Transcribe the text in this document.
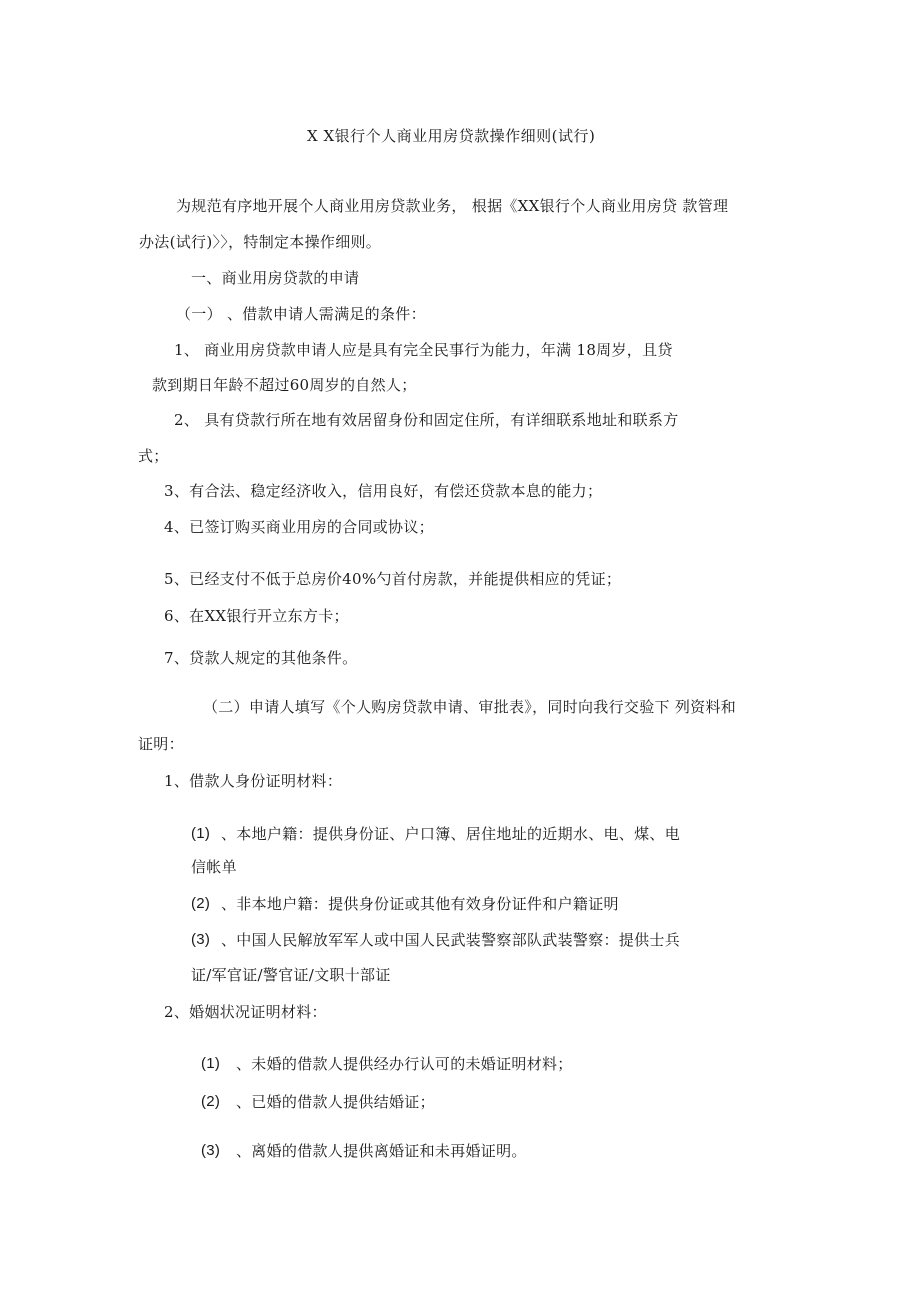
X X银行个人商业用房贷款操作细则(试行)
为规范有序地开展个人商业用房贷款业务， 根据《XX银行个人商业用房贷 款管理
办法(试行)〉〉，特制定本操作细则。
一、商业用房贷款的申请
（一） 、借款申请人需满足的条件：
1、 商业用房贷款申请人应是具有完全民事行为能力，年满 18周岁，且贷
款到期日年龄不超过60周岁的自然人；
2、 具有贷款行所在地有效居留身份和固定住所，有详细联系地址和联系方
式；
3、有合法、稳定经济收入，信用良好，有偿还贷款本息的能力；
4、已签订购买商业用房的合同或协议；
5、已经支付不低于总房价40%勺首付房款，并能提供相应的凭证；
6、在XX银行开立东方卡；
7、贷款人规定的其他条件。
（二）申请人填写《个人购房贷款申请、审批表》，同时向我行交验下 列资料和
证明：
1、借款人身份证明材料：
(1) 、本地户籍：提供身份证、户口簿、居住地址的近期水、电、煤、电
信帐单
(2) 、非本地户籍：提供身份证或其他有效身份证件和户籍证明
(3) 、中国人民解放军军人或中国人民武装警察部队武装警察：提供士兵
证/军官证/警官证/文职十部证
2、婚姻状况证明材料：
(1) 、未婚的借款人提供经办行认可的未婚证明材料；
(2) 、已婚的借款人提供结婚证；
(3) 、离婚的借款人提供离婚证和未再婚证明。
